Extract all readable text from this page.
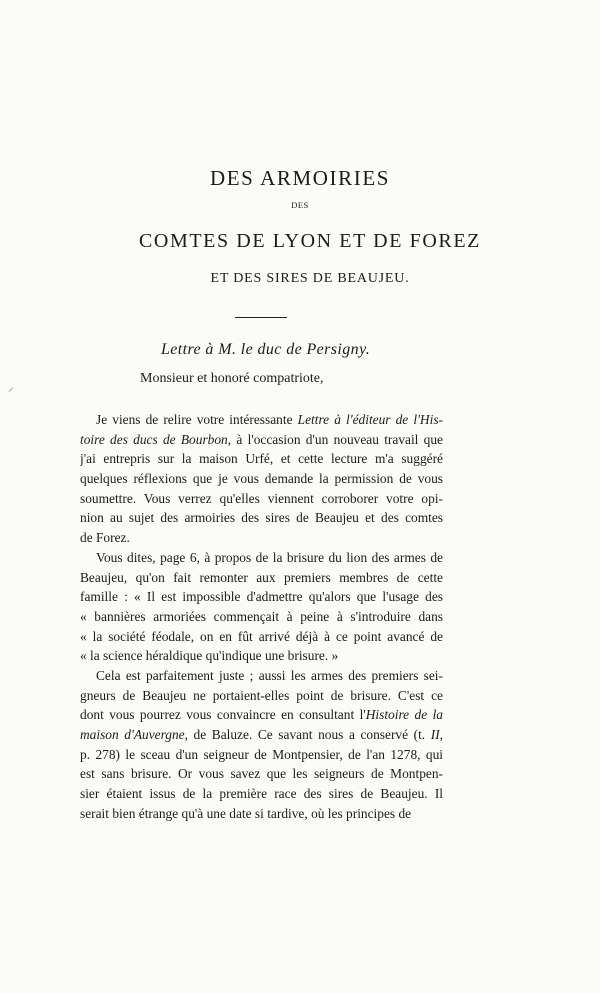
DES ARMOIRIES
DES
COMTES DE LYON ET DE FOREZ
ET DES SIRES DE BEAUJEU.
Lettre à M. le duc de Persigny.
⸝
Monsieur et honoré compatriote,
Je viens de relire votre intéressante Lettre à l'éditeur de l'His-
toire des ducs de Bourbon, à l'occasion d'un nouveau travail que
j'ai entrepris sur la maison Urfé, et cette lecture m'a suggéré
quelques réflexions que je vous demande la permission de vous
soumettre. Vous verrez qu'elles viennent corroborer votre opi-
nion au sujet des armoiries des sires de Beaujeu et des comtes
de Forez.
Vous dites, page 6, à propos de la brisure du lion des armes de
Beaujeu, qu'on fait remonter aux premiers membres de cette
famille : « Il est impossible d'admettre qu'alors que l'usage des
« bannières armoriées commençait à peine à s'introduire dans
« la société féodale, on en fût arrivé déjà à ce point avancé de
« la science héraldique qu'indique une brisure. »
Cela est parfaitement juste ; aussi les armes des premiers sei-
gneurs de Beaujeu ne portaient-elles point de brisure. C'est ce
dont vous pourrez vous convaincre en consultant l'Histoire de la
maison d'Auvergne, de Baluze. Ce savant nous a conservé (t. II,
p. 278) le sceau d'un seigneur de Montpensier, de l'an 1278, qui
est sans brisure. Or vous savez que les seigneurs de Montpen-
sier étaient issus de la première race des sires de Beaujeu. Il
serait bien étrange qu'à une date si tardive, où les principes de
